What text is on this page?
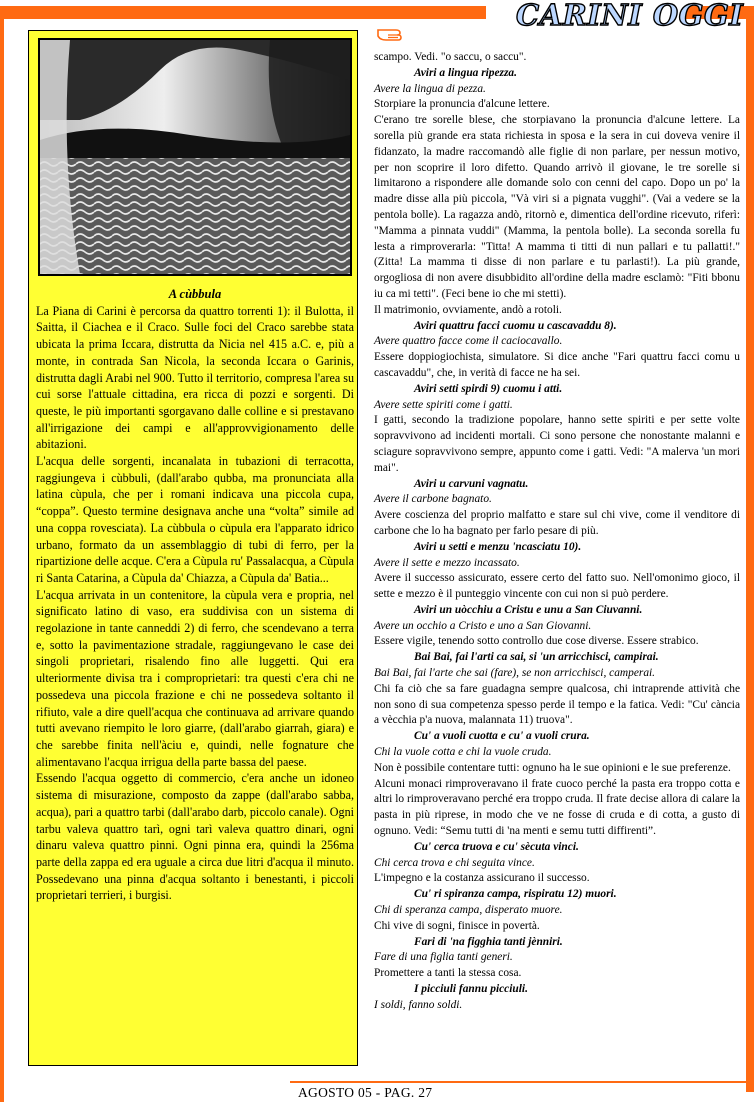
CARINI OGGI

A cùbbula

La Piana di Carini è percorsa da quattro torrenti 1): il Bulotta, il Saitta, il Ciachea e il Craco. Sulle foci del Craco sarebbe stata ubicata la prima Iccara, distrutta da Nicia nel 415 a.C. e, più a monte, in contrada San Nicola, la seconda Iccara o Garinis, distrutta dagli Arabi nel 900. Tutto il territorio, compresa l'area su cui sorse l'attuale cittadina, era ricca di pozzi e sorgenti. Di queste, le più importanti sgorgavano dalle colline e si prestavano all'irrigazione dei campi e all'approvvigionamento delle abitazioni.

L'acqua delle sorgenti, incanalata in tubazioni di terracotta, raggiungeva i cùbbuli, (dall'arabo qubba, ma pronunciata alla latina cùpula, che per i romani indicava una piccola cupa, “coppa”. Questo termine designava anche una “volta” simile ad una coppa rovesciata). La cùbbula o cùpula era l'apparato idrico urbano, formato da un assemblaggio di tubi di ferro, per la ripartizione delle acque. C'era a Cùpula ru' Passalacqua, a Cùpula ri Santa Catarina, a Cùpula da' Chiazza, a Cùpula da' Batia...

L'acqua arrivata in un contenitore, la cùpula vera e propria, nel significato latino di vaso, era suddivisa con un sistema di regolazione in tante canneddi 2) di ferro, che scendevano a terra e, sotto la pavimentazione stradale, raggiungevano le case dei singoli proprietari, risalendo fino alle luggetti. Qui era ulteriormente divisa tra i comproprietari: tra questi c'era chi ne possedeva una piccola frazione e chi ne possedeva soltanto il rifiuto, vale a dire quell'acqua che continuava ad arrivare quando tutti avevano riempito le loro giarre, (dall'arabo giarrah, giara) e che sarebbe finita nell'àciu e, quindi, nelle fognature che alimentavano l'acqua irrigua della parte bassa del paese.

Essendo l'acqua oggetto di commercio, c'era anche un idoneo sistema di misurazione, composto da zappe (dall'arabo sabba, acqua), pari a quattro tarbi (dall'arabo darb, piccolo canale). Ogni tarbu valeva quattro tarì, ogni tarì valeva quattro dinari, ogni dinaru valeva quattro pinni. Ogni pinna era, quindi la 256ma parte della zappa ed era uguale a circa due litri d'acqua il minuto. Possedevano una pinna d'acqua soltanto i benestanti, i piccoli proprietari terrieri, i burgisi.

scampo. Vedi. "o saccu, o saccu".

Aviri a lingua ripezza.

Avere la lingua di pezza.

Storpiare la pronuncia d'alcune lettere.

C'erano tre sorelle blese, che storpiavano la pronuncia d'alcune lettere. La sorella più grande era stata richiesta in sposa e la sera in cui doveva venire il fidanzato, la madre raccomandò alle figlie di non parlare, per nessun motivo, per non scoprire il loro difetto. Quando arrivò il giovane, le tre sorelle si limitarono a rispondere alle domande solo con cenni del capo. Dopo un po' la madre disse alla più piccola, "Và viri si a pignata vugghi". (Vai a vedere se la pentola bolle). La ragazza andò, ritornò e, dimentica dell'ordine ricevuto, riferì: "Mamma a pinnata vuddi" (Mamma, la pentola bolle). La seconda sorella fu lesta a rimproverarla: "Titta! A mamma ti titti di nun pallari e tu pallatti!." (Zitta! La mamma ti disse di non parlare e tu parlasti!). La più grande, orgogliosa di non avere disubbidito all'ordine della madre esclamò: "Fiti bbonu iu ca mi tetti". (Feci bene io che mi stetti).

Il matrimonio, ovviamente, andò a rotoli.

Aviri quattru facci cuomu u cascavaddu 8).

Avere quattro facce come il caciocavallo.

Essere doppiogiochista, simulatore. Si dice anche "Fari quattru facci comu u cascavaddu", che, in verità di facce ne ha sei.

Aviri setti spirdi 9) cuomu i atti.

Avere sette spiriti come i gatti.

I gatti, secondo la tradizione popolare, hanno sette spiriti e per sette volte sopravvivono ad incidenti mortali. Ci sono persone che nonostante malanni e sciagure sopravvivono sempre, appunto come i gatti. Vedi: "A malerva 'un mori mai".

Aviri u carvuni vagnatu.

Avere il carbone bagnato.

Avere coscienza del proprio malfatto e stare sul chi vive, come il venditore di carbone che lo ha bagnato per farlo pesare di più.

Aviri u setti e menzu 'ncasciatu 10).

Avere il sette e mezzo incassato.

Avere il successo assicurato, essere certo del fatto suo. Nell'omonimo gioco, il sette e mezzo è il punteggio vincente con cui non si può perdere.

Aviri un uòcchiu a Cristu e unu a San Ciuvanni.

Avere un occhio a Cristo e uno a San Giovanni.

Essere vigile, tenendo sotto controllo due cose diverse. Essere strabico.

Bai Bai, fai l'arti ca sai, si 'un arricchisci, campirai.

Bai Bai, fai l'arte che sai (fare), se non arricchisci, camperai.

Chi fa ciò che sa fare guadagna sempre qualcosa, chi intraprende attività che non sono di sua competenza spesso perde il tempo e la fatica. Vedi: "Cu' cància a vècchia p'a nuova, malannata 11) truova".

Cu' a vuoli cuotta e cu' a vuoli crura.

Chi la vuole cotta e chi la vuole cruda.

Non è possibile contentare tutti: ognuno ha le sue opinioni e le sue preferenze.

Alcuni monaci rimproveravano il frate cuoco perché la pasta era troppo cotta e altri lo rimproveravano perché era troppo cruda. Il frate decise allora di calare la pasta in più riprese, in modo che ve ne fosse di cruda e di cotta, a gusto di ognuno. Vedi: “Semu tutti di 'na menti e semu tutti diffirenti”.

Cu' cerca truova e cu' sècuta vinci.

Chi cerca trova e chi seguita vince.

L'impegno e la costanza assicurano il successo.

Cu' ri spiranza campa, rispiratu 12) muori.

Chi di speranza campa, disperato muore.

Chi vive di sogni, finisce in povertà.

Fari di 'na figghia tanti jènniri.

Fare di una figlia tanti generi.

Promettere a tanti la stessa cosa.

I picciuli fannu picciuli.

I soldi, fanno soldi.

AGOSTO 05 - PAG. 27
